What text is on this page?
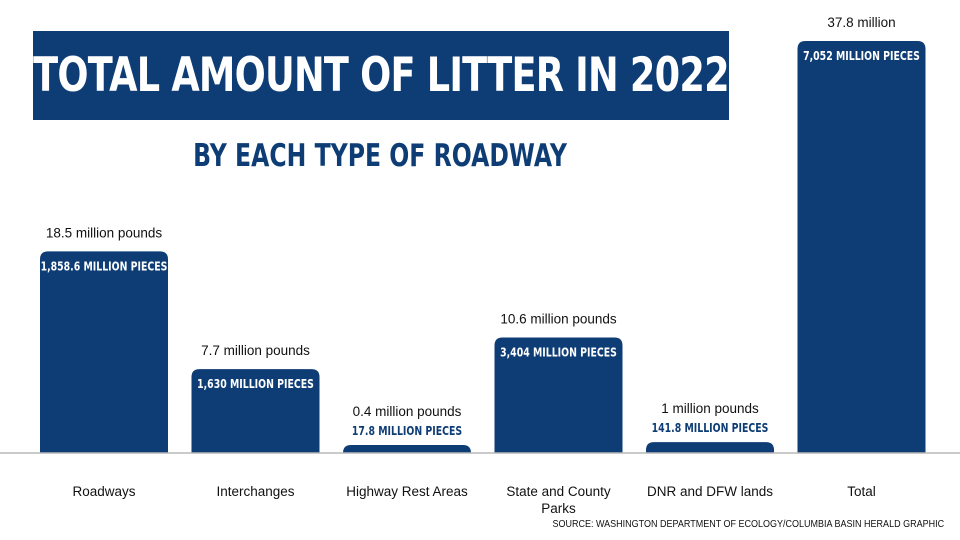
TOTAL AMOUNT OF LITTER IN 2022
BY EACH TYPE OF ROADWAY
1,858.6 MILLION PIECES
18.5 million pounds
Roadways
1,630 MILLION PIECES
7.7 million pounds
Interchanges
17.8 MILLION PIECES
0.4 million pounds
Highway Rest Areas
3,404 MILLION PIECES
10.6 million pounds
State and County
Parks
141.8 MILLION PIECES
1 million pounds
DNR and DFW lands
7,052 MILLION PIECES
37.8 million
Total
SOURCE: WASHINGTON DEPARTMENT OF ECOLOGY/COLUMBIA BASIN HERALD GRAPHIC
